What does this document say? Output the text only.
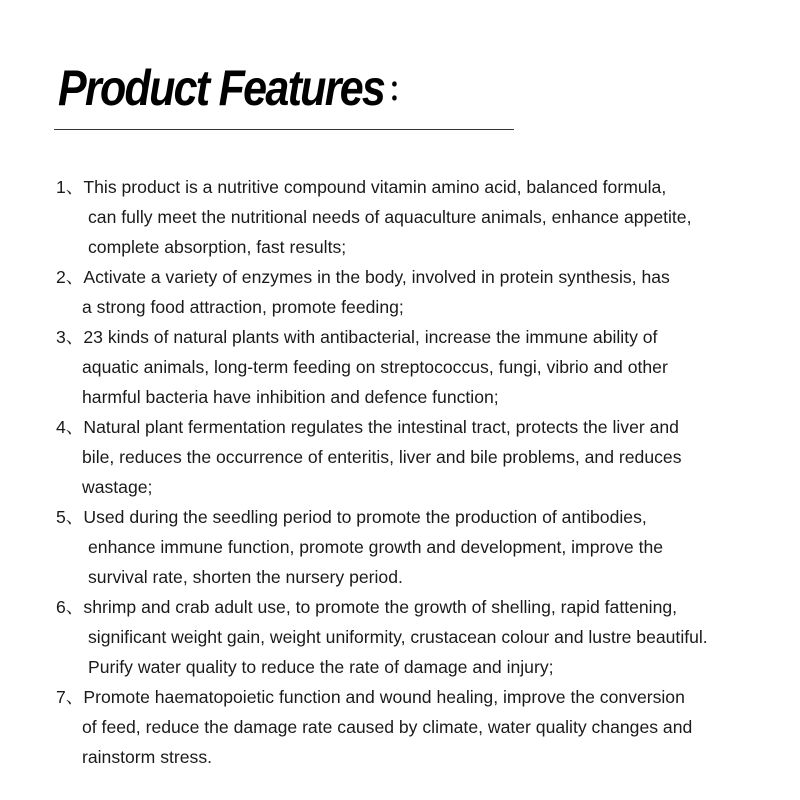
Product Features ：
1、This product is a nutritive compound vitamin amino acid, balanced formula,
can fully meet the nutritional needs of aquaculture animals, enhance appetite,
complete absorption, fast results;
2、Activate a variety of enzymes in the body, involved in protein synthesis, has
a strong food attraction, promote feeding;
3、23 kinds of natural plants with antibacterial, increase the immune ability of
aquatic animals, long-term feeding on streptococcus, fungi, vibrio and other
harmful bacteria have inhibition and defence function;
4、Natural plant fermentation regulates the intestinal tract, protects the liver and
bile, reduces the occurrence of enteritis, liver and bile problems, and reduces
wastage;
5、Used during the seedling period to promote the production of antibodies,
enhance immune function, promote growth and development, improve the
survival rate, shorten the nursery period.
6、shrimp and crab adult use, to promote the growth of shelling, rapid fattening,
significant weight gain, weight uniformity, crustacean colour and lustre beautiful.
Purify water quality to reduce the rate of damage and injury;
7、Promote haematopoietic function and wound healing, improve the conversion
of feed, reduce the damage rate caused by climate, water quality changes and
rainstorm stress.
